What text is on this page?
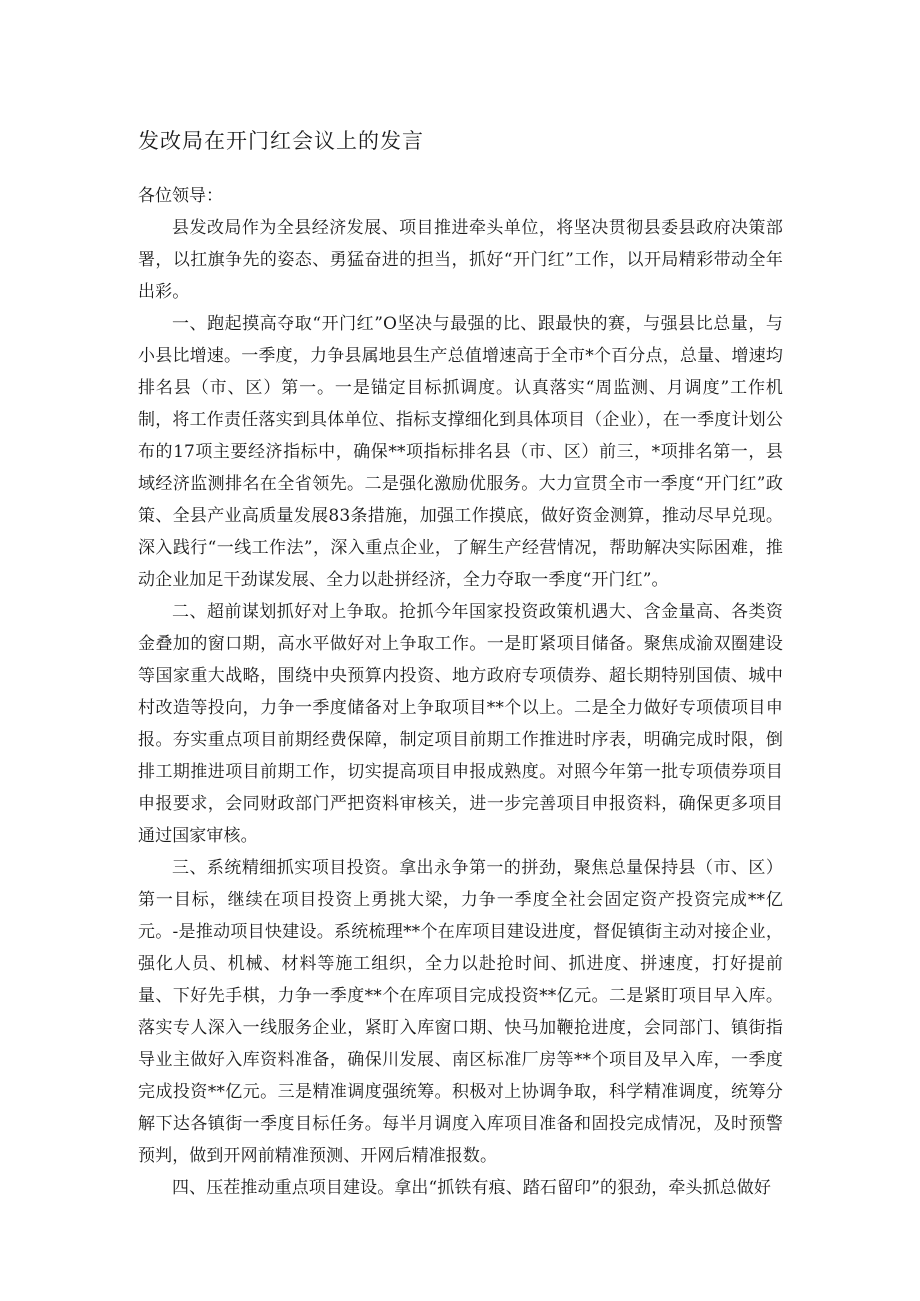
发改局在开门红会议上的发言

各位领导：

县发改局作为全县经济发展、项目推进牵头单位，将坚决贯彻县委县政府决策部署，以扛旗争先的姿态、勇猛奋进的担当，抓好“开门红”工作，以开局精彩带动全年出彩。

一、跑起摸高夺取“开门红”O坚决与最强的比、跟最快的赛，与强县比总量，与小县比增速。一季度，力争县属地县生产总值增速高于全市*个百分点，总量、增速均排名县（市、区）第一。一是锚定目标抓调度。认真落实“周监测、月调度”工作机制，将工作责任落实到具体单位、指标支撑细化到具体项目（企业），在一季度计划公布的17项主要经济指标中，确保**项指标排名县（市、区）前三，*项排名第一，县域经济监测排名在全省领先。二是强化激励优服务。大力宣贯全市一季度“开门红”政策、全县产业高质量发展83条措施，加强工作摸底，做好资金测算，推动尽早兑现。深入践行“一线工作法”，深入重点企业，了解生产经营情况，帮助解决实际困难，推动企业加足干劲谋发展、全力以赴拼经济，全力夺取一季度“开门红”。

二、超前谋划抓好对上争取。抢抓今年国家投资政策机遇大、含金量高、各类资金叠加的窗口期，高水平做好对上争取工作。一是盯紧项目储备。聚焦成渝双圈建设等国家重大战略，围绕中央预算内投资、地方政府专项债券、超长期特别国债、城中村改造等投向，力争一季度储备对上争取项目**个以上。二是全力做好专项债项目申报。夯实重点项目前期经费保障，制定项目前期工作推进时序表，明确完成时限，倒排工期推进项目前期工作，切实提高项目申报成熟度。对照今年第一批专项债券项目申报要求，会同财政部门严把资料审核关，进一步完善项目申报资料，确保更多项目通过国家审核。

三、系统精细抓实项目投资。拿出永争第一的拼劲，聚焦总量保持县（市、区）第一目标，继续在项目投资上勇挑大梁，力争一季度全社会固定资产投资完成**亿元。-是推动项目快建设。系统梳理**个在库项目建设进度，督促镇街主动对接企业，强化人员、机械、材料等施工组织，全力以赴抢时间、抓进度、拼速度，打好提前量、下好先手棋，力争一季度**个在库项目完成投资**亿元。二是紧盯项目早入库。落实专人深入一线服务企业，紧盯入库窗口期、快马加鞭抢进度，会同部门、镇街指导业主做好入库资料准备，确保川发展、南区标准厂房等**个项目及早入库，一季度完成投资**亿元。三是精准调度强统筹。积极对上协调争取，科学精准调度，统筹分解下达各镇街一季度目标任务。每半月调度入库项目准备和固投完成情况，及时预警预判，做到开网前精准预测、开网后精准报数。

四、压茬推动重点项目建设。拿出“抓铁有痕、踏石留印”的狠劲，牵头抓总做好
